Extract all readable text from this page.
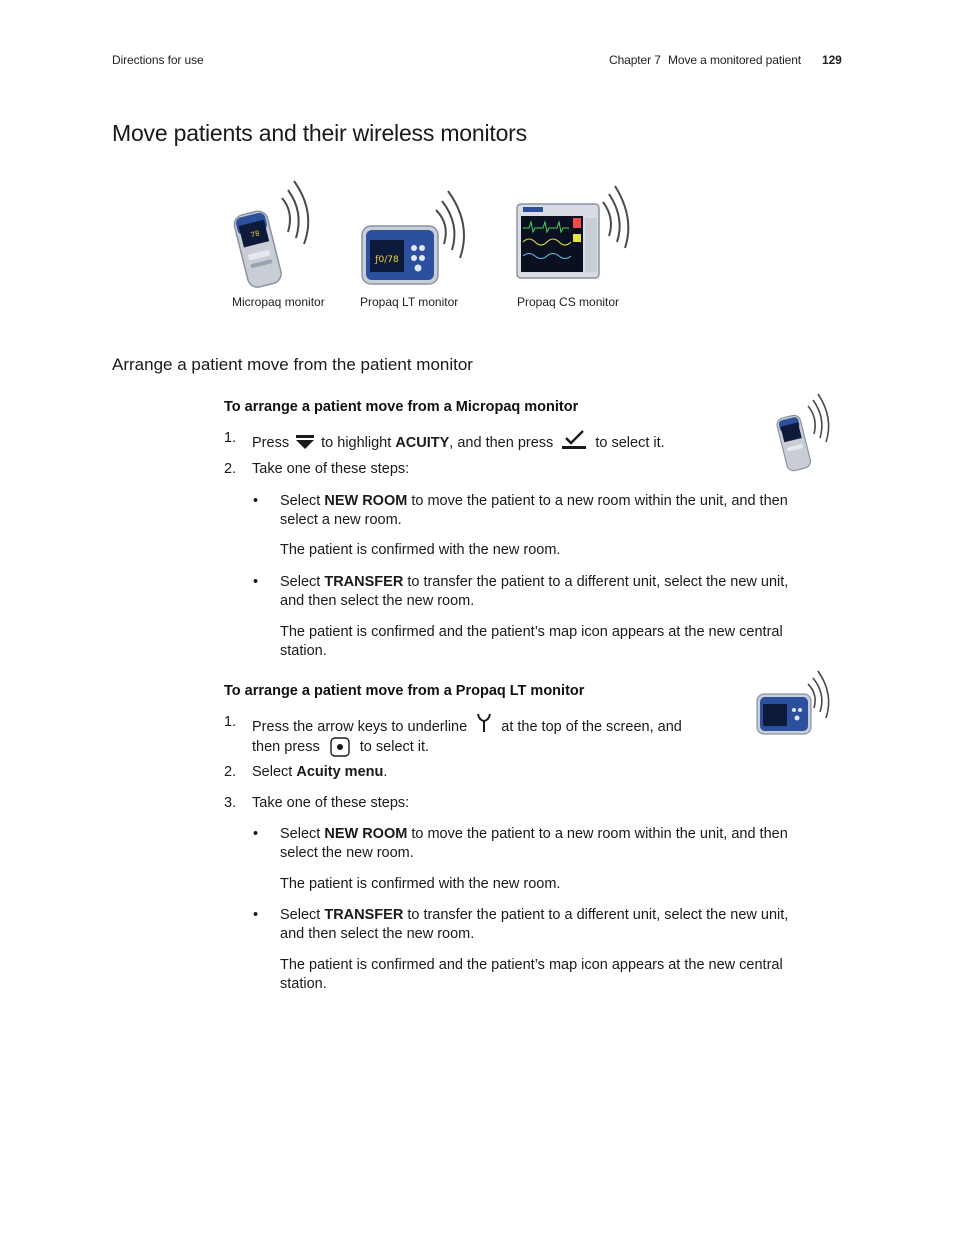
Directions for use	Chapter 7 Move a monitored patient 129
Move patients and their wireless monitors
78
ƒ0/78
Micropaq monitor	Propaq LT monitor	Propaq CS monitor
Arrange a patient move from the patient monitor
To arrange a patient move from a Micropaq monitor
1. Press to highlight ACUITY, and then press	to select it.
2. Take one of these steps:
• Select NEW ROOM to move the patient to a new room within the unit, and then
select a new room.
The patient is confirmed with the new room.
• Select TRANSFER to transfer the patient to a different unit, select the new unit,
and then select the new room.
The patient is confirmed and the patient’s map icon appears at the new central
station.
To arrange a patient move from a Propaq LT monitor
1. Press the arrow keys to underline at the top of the screen, and
then press	to select it.
2. Select Acuity menu.
3. Take one of these steps:
• Select NEW ROOM to move the patient to a new room within the unit, and then
select the new room.
The patient is confirmed with the new room.
• Select TRANSFER to transfer the patient to a different unit, select the new unit,
and then select the new room.
The patient is confirmed and the patient’s map icon appears at the new central
station.
